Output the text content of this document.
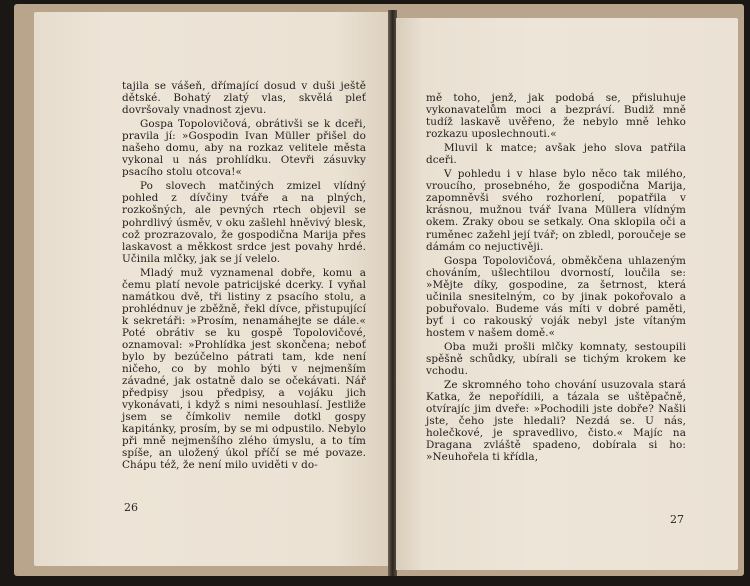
tajila se vášeň, dřímající dosud v duši ještě dětské. Bohatý zlatý vlas, skvělá pleť dovršovaly vnadnost zjevu.

Gospa Topolovičová, obrátivši se k dceři, pravila jí: »Gospodin Ivan Müller přišel do našeho domu, aby na rozkaz velitele města vykonal u nás prohlídku. Otevři zásuvky psacího stolu otcova!«

Po slovech matčiných zmizel vlídný pohled z dívčiny tváře a na plných, rozkošných, ale pevných rtech objevil se pohrdlivý úsměv, v oku zašlehl hněvivý blesk, což prozrazovalo, že gospodična Marija přes laskavost a měkkost srdce jest povahy hrdé. Učinila mlčky, jak se jí velelo.

Mladý muž vyznamenal dobře, komu a čemu platí nevole patricijské dcerky. I vyňal namátkou dvě, tři listiny z psacího stolu, a prohlédnuv je zběžně, řekl dívce, přistupující k sekretáři: »Prosím, nenamáhejte se dále.« Poté obrátiv se ku gospě Topolovičové, oznamoval: »Prohlídka jest skončena; neboť bylo by bezúčelno pátrati tam, kde není ničeho, co by mohlo býti v nejmenším závadné, jak ostatně dalo se očekávati. Nář předpisy jsou předpisy, a vojáku jich vykonávati, i když s nimi nesouhlasí. Jestliže jsem se čímkoliv nemile dotkl gospy kapitánky, prosím, by se mi odpustilo. Nebylo při mně nejmenšího zlého úmyslu, a to tím spíše, an uložený úkol příčí se mé povaze. Chápu též, že není milo uviděti v do-

26

mě toho, jenž, jak podobá se, přisluhuje vykonavatelům moci a bezpráví. Budiž mně tudíž laskavě uvěřeno, že nebylo mně lehko rozkazu uposlechnouti.«

Mluvil k matce; avšak jeho slova patřila dceři.

V pohledu i v hlase bylo něco tak milého, vroucího, prosebného, že gospodična Marija, zapomněvši svého rozhorlení, popatřila v krásnou, mužnou tvář Ivana Müllera vlídným okem. Zraky obou se setkaly. Ona sklopila oči a ruměnec zažehl její tvář; on zbledl, poroučeje se dámám co nejuctivěji.

Gospa Topolovičová, obměkčena uhlazeným chováním, ušlechtilou dvorností, loučila se: »Mějte díky, gospodine, za šetrnost, která učinila snesitelným, co by jinak pokořovalo a pobuřovalo. Budeme vás míti v dobré paměti, byť i co rakouský voják nebyl jste vítaným hostem v našem domě.«

Oba muži prošli mlčky komnaty, sestoupili spěšně schůdky, ubírali se tichým krokem ke vchodu.

Ze skromného toho chování usuzovala stará Katka, že nepořídili, a tázala se uštěpačně, otvírajíc jim dveře: »Pochodili jste dobře? Našli jste, čeho jste hledali? Nezdá se. U nás, holečkové, je spravedlivo, čisto.« Majíc na Dragana zvláště spadeno, dobírala si ho: »Neuhořela ti křídla,

27
